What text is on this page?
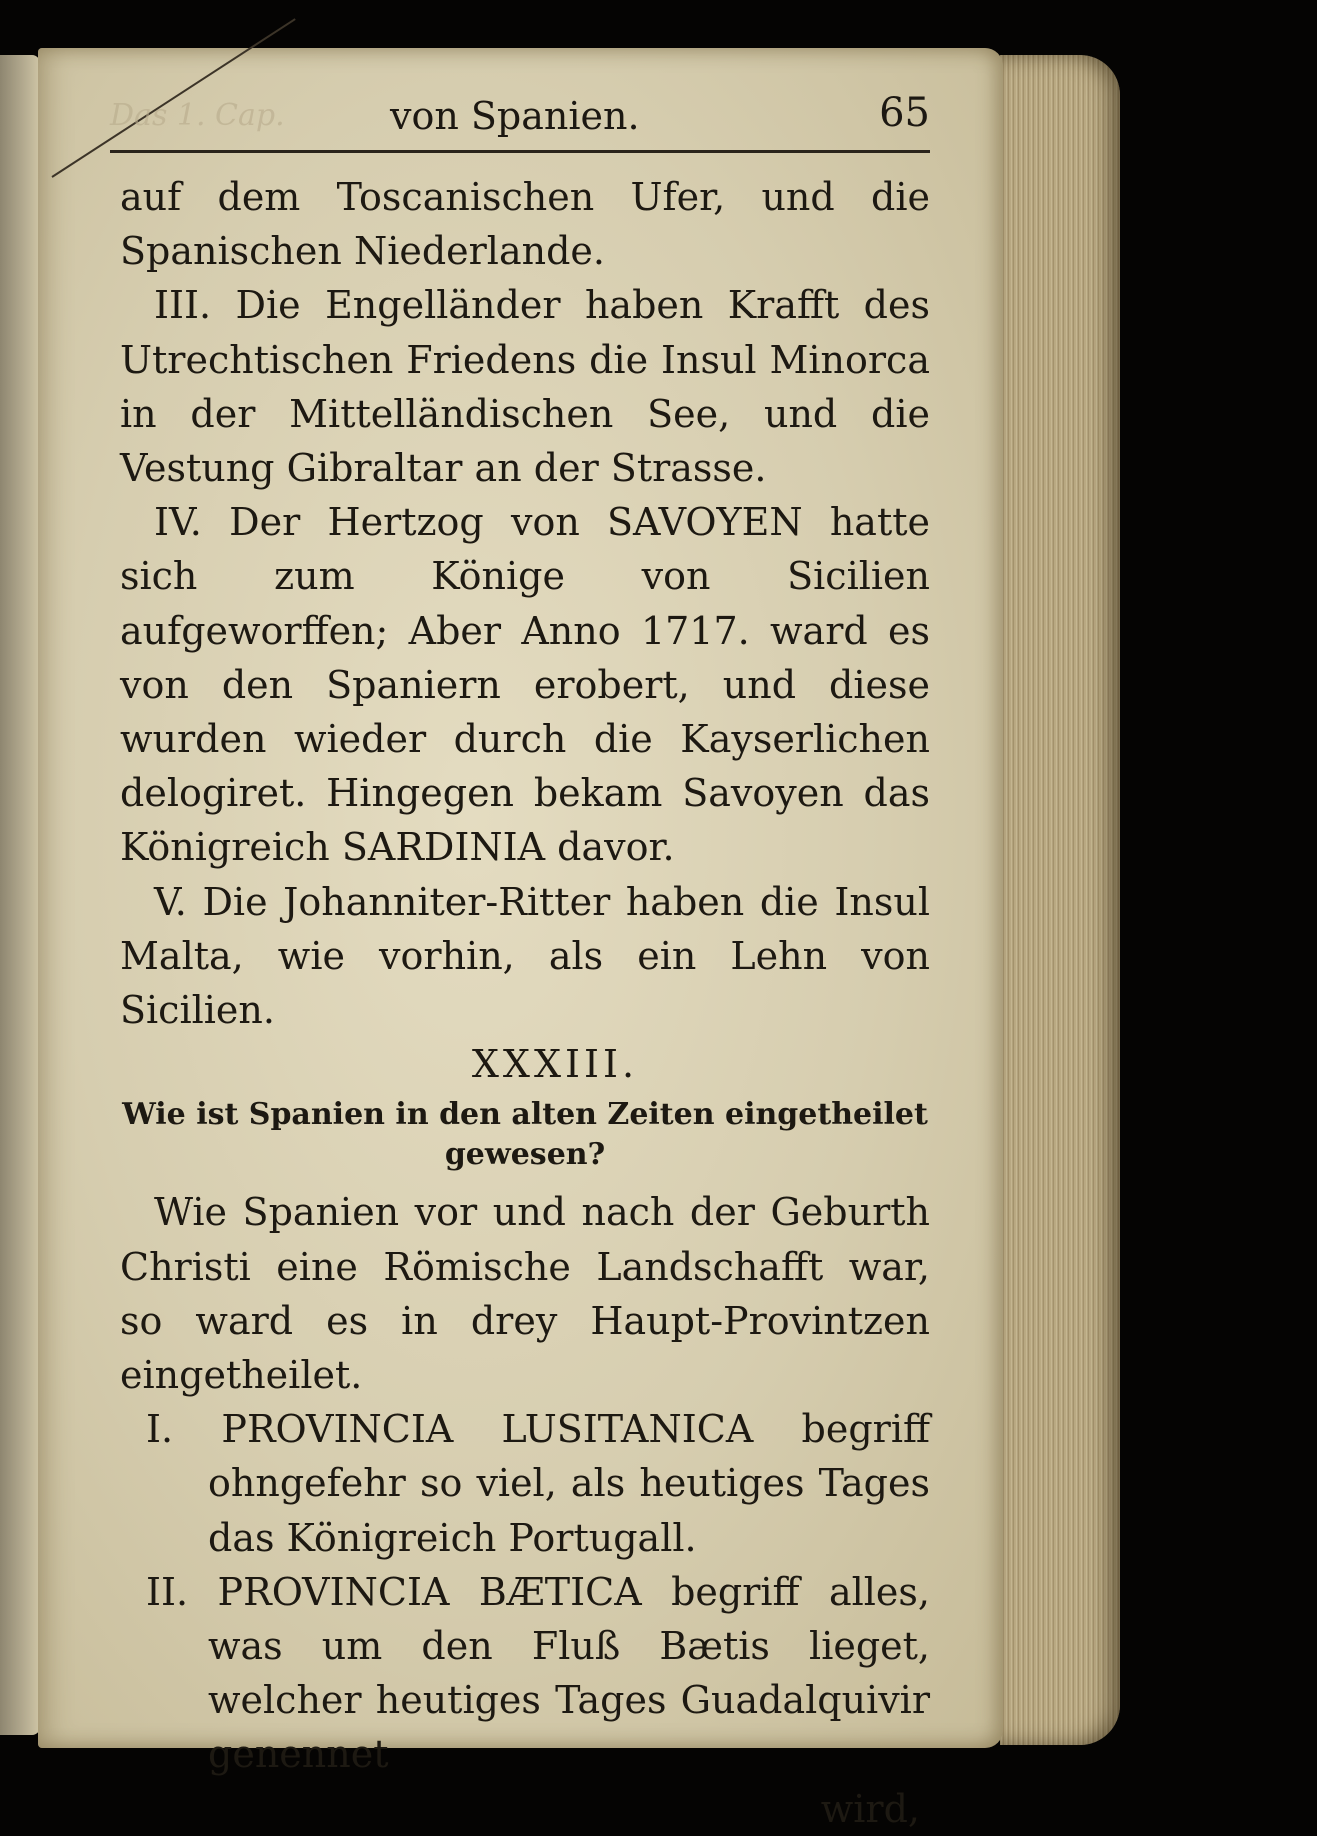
Das 1. Cap.	von Spanien.	65

auf dem Toscanischen Ufer, und die Spanischen Niederlande.

III. Die Engelländer haben Krafft des Utrechtischen Friedens die Insul Minorca in der Mittelländischen See, und die Vestung Gibraltar an der Strasse.

IV. Der Hertzog von SAVOYEN hatte sich zum Könige von Sicilien aufgeworffen; Aber Anno 1717. ward es von den Spaniern erobert, und diese wurden wieder durch die Kayserlichen delogiret. Hingegen bekam Savoyen das Königreich SARDINIA davor.

V. Die Johanniter-Ritter haben die Insul Malta, wie vorhin, als ein Lehn von Sicilien.

XXXIII.

Wie ist Spanien in den alten Zeiten eingetheilet gewesen?

Wie Spanien vor und nach der Geburth Christi eine Römische Landschafft war, so ward es in drey Haupt-Provintzen eingetheilet.

I. PROVINCIA LUSITANICA begriff ohngefehr so viel, als heutiges Tages das Königreich Portugall.

II. PROVINCIA BÆTICA begriff alles, was um den Fluß Bætis lieget, welcher heutiges Tages Guadalquivir genennet

wird,
